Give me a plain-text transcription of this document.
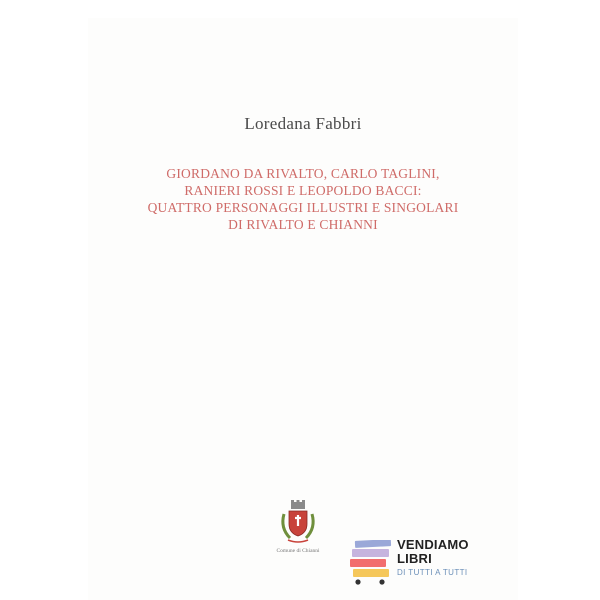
Loredana Fabbri
GIORDANO DA RIVALTO, CARLO TAGLINI,
RANIERI ROSSI E LEOPOLDO BACCI:
QUATTRO PERSONAGGI ILLUSTRI E SINGOLARI
DI RIVALTO E CHIANNI
Comune di Chianni	VENDIAMO
LIBRI
DI TUTTI A TUTTI
